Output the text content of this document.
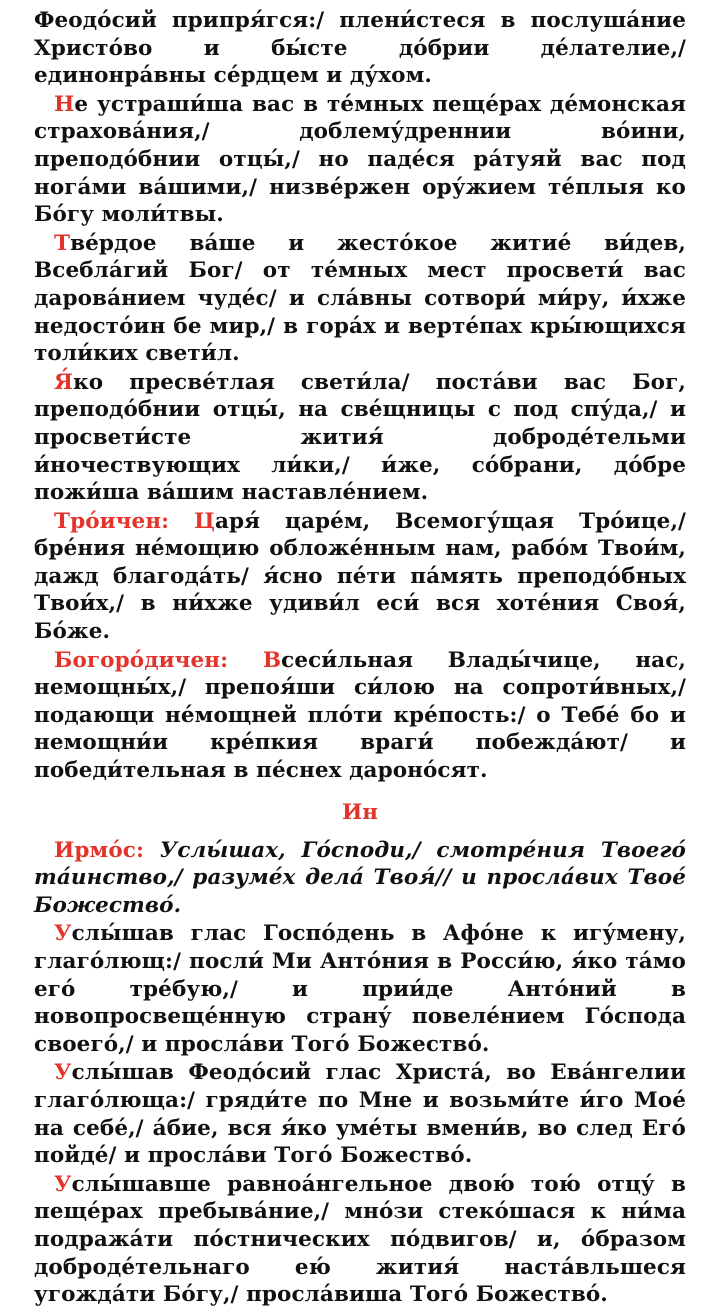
Феодо́сий припря́гся:/ плени́стеся в послуша́ние Христо́во и бы́сте до́брии де́лателие,/ единонра́вны се́рдцем и ду́хом.

Не устраши́ша вас в те́мных пеще́рах де́монская страхова́ния,/ доблему́дреннии во́ини, преподо́бнии отцы́,/ но паде́ся ра́туяй вас под нога́ми ва́шими,/ низве́ржен ору́жием те́плыя ко Бо́гу моли́твы.

Тве́рдое ва́ше и жесто́кое житие́ ви́дев, Всебла́гий Бог/ от те́мных мест просвети́ вас дарова́нием чуде́с/ и сла́вны сотвори́ ми́ру, и́хже недосто́ин бе мир,/ в гора́х и верте́пах кры́ющихся тoли́ких свети́л.

Я́ко пресве́тлая свети́ла/ поста́ви вас Бог, преподо́бнии отцы́, на све́щницы с под спу́да,/ и просвети́сте жития́ доброде́тельми и́ночествующих ли́ки,/ и́же, со́брани, до́бре пожи́ша ва́шим наставле́нием.

Тро́ичен: Царя́ царе́м, Всемогу́щая Тро́ице,/ бре́ния не́мощию обложе́нным нам, рабо́м Твои́м, дажд благода́ть/ я́сно пе́ти па́мять преподо́бных Твои́х,/ в ни́хже удиви́л еси́ вся хоте́ния Своя́, Бо́же.

Богоро́дичен: Всеси́льная Влады́чице, нас, немощны́х,/ препоя́ши си́лою на сопроти́вных,/ подающи не́мощней пло́ти кре́пость:/ о Тебе́ бо и немощни́и кре́пкия враги́ побежда́ют/ и победи́тельная в пе́снех дароно́сят.

Ин

Ирмо́с: Услы́шах, Го́споди,/ смотре́ния Твоего́ та́инство,/ разуме́х дела́ Твоя́// и просла́вих Твое́ Божество́.

Услы́шав глас Госпо́день в Афо́не к игу́мену, глаго́лющ:/ посли́ Ми Анто́ния в Росси́ю, я́ко та́мо его́ тре́бую,/ и прии́де Анто́ний в новопросвеще́нную страну́ повеле́нием Го́спода своего́,/ и просла́ви Того́ Божество́.

Услы́шав Феодо́сий глас Христа́, во Ева́нгелии глаго́люща:/ гряди́те по Мне и возьми́те и́го Мое́ на себе́,/ а́бие, вся я́ко уме́ты вмени́в, во след Его́ пойде́/ и просла́ви Того́ Божество́.

Услы́шавше равноа́нгельное двою́ тою́ отцу́ в пеще́рах пребыва́ние,/ мно́зи стеко́шася к ни́ма подража́ти по́стнических по́двигов/ и, о́бразом доброде́тельнаго ею́ жития́ наста́вльшеся угожда́ти Бо́гу,/ просла́виша Того́ Божество́.
